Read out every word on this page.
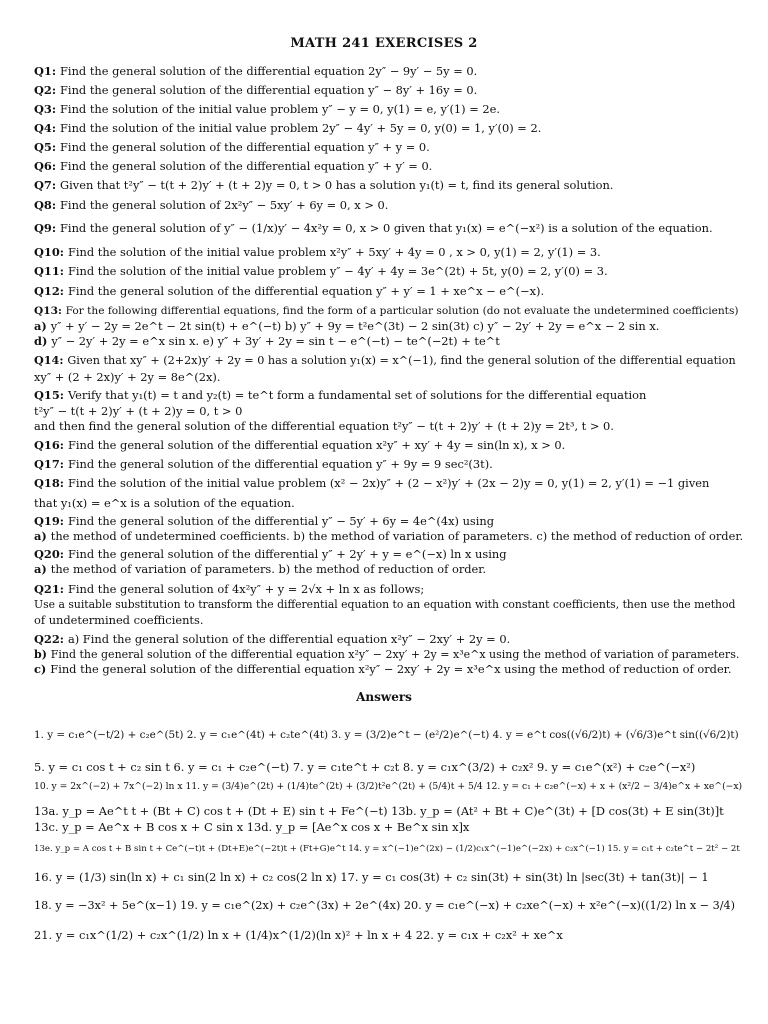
MATH 241 EXERCISES 2
Q1: Find the general solution of the differential equation 2y″ − 9y′ − 5y = 0.
Q2: Find the general solution of the differential equation y″ − 8y′ + 16y = 0.
Q3: Find the solution of the initial value problem y″ − y = 0, y(1) = e, y′(1) = 2e.
Q4: Find the solution of the initial value problem 2y″ − 4y′ + 5y = 0, y(0) = 1, y′(0) = 2.
Q5: Find the general solution of the differential equation y″ + y = 0.
Q6: Find the general solution of the differential equation y″ + y′ = 0.
Q7: Given that t²y″ − t(t + 2)y′ + (t + 2)y = 0, t > 0 has a solution y₁(t) = t, find its general solution.
Q8: Find the general solution of 2x²y″ − 5xy′ + 6y = 0, x > 0.
Q9: Find the general solution of y″ − (1/x)y′ − 4x²y = 0, x > 0 given that y₁(x) = e^(−x²) is a solution of the equation.
Q10: Find the solution of the initial value problem x²y″ + 5xy′ + 4y = 0 , x > 0, y(1) = 2, y′(1) = 3.
Q11: Find the solution of the initial value problem y″ − 4y′ + 4y = 3e^(2t) + 5t, y(0) = 2, y′(0) = 3.
Q12: Find the general solution of the differential equation y″ + y′ = 1 + xe^x − e^(−x).
Q13: For the following differential equations, find the form of a particular solution (do not evaluate the undetermined coefficients)
a) y″ + y′ − 2y = 2e^t − 2t sin(t) + e^(−t) b) y″ + 9y = t²e^(3t) − 2 sin(3t) c) y″ − 2y′ + 2y = e^x − 2 sin x.
d) y″ − 2y′ + 2y = e^x sin x. e) y″ + 3y′ + 2y = sin t − e^(−t) − te^(−2t) + te^t
Q14: Given that xy″ + (2+2x)y′ + 2y = 0 has a solution y₁(x) = x^(−1), find the general solution of the differential equation
xy″ + (2 + 2x)y′ + 2y = 8e^(2x).
Q15: Verify that y₁(t) = t and y₂(t) = te^t form a fundamental set of solutions for the differential equation
t²y″ − t(t + 2)y′ + (t + 2)y = 0, t > 0
and then find the general solution of the differential equation t²y″ − t(t + 2)y′ + (t + 2)y = 2t³, t > 0.
Q16: Find the general solution of the differential equation x²y″ + xy′ + 4y = sin(ln x), x > 0.
Q17: Find the general solution of the differential equation y″ + 9y = 9 sec²(3t).
Q18: Find the solution of the initial value problem (x² − 2x)y″ + (2 − x²)y′ + (2x − 2)y = 0, y(1) = 2, y′(1) = −1 given
that y₁(x) = e^x is a solution of the equation.
Q19: Find the general solution of the differential y″ − 5y′ + 6y = 4e^(4x) using
a) the method of undetermined coefficients. b) the method of variation of parameters. c) the method of reduction of order.
Q20: Find the general solution of the differential y″ + 2y′ + y = e^(−x) ln x using
a) the method of variation of parameters. b) the method of reduction of order.
Q21: Find the general solution of 4x²y″ + y = 2√x + ln x as follows;
Use a suitable substitution to transform the differential equation to an equation with constant coefficients, then use the method
of undetermined coefficients.
Q22: a) Find the general solution of the differential equation x²y″ − 2xy′ + 2y = 0.
b) Find the general solution of the differential equation x²y″ − 2xy′ + 2y = x³e^x using the method of variation of parameters.
c) Find the general solution of the differential equation x²y″ − 2xy′ + 2y = x³e^x using the method of reduction of order.
Answers
1. y = c₁e^(−t/2) + c₂e^(5t) 2. y = c₁e^(4t) + c₂te^(4t) 3. y = (3/2)e^t − (e²/2)e^(−t) 4. y = e^t cos((√6/2)t) + (√6/3)e^t sin((√6/2)t)
5. y = c₁ cos t + c₂ sin t 6. y = c₁ + c₂e^(−t) 7. y = c₁te^t + c₂t 8. y = c₁x^(3/2) + c₂x² 9. y = c₁e^(x²) + c₂e^(−x²)
10. y = 2x^(−2) + 7x^(−2) ln x 11. y = (3/4)e^(2t) + (1/4)te^(2t) + (3/2)t²e^(2t) + (5/4)t + 5/4 12. y = c₁ + c₂e^(−x) + x + (x²/2 − 3/4)e^x + xe^(−x)
13a. y_p = Ae^t t + (Bt + C) cos t + (Dt + E) sin t + Fe^(−t) 13b. y_p = (At² + Bt + C)e^(3t) + [D cos(3t) + E sin(3t)]t
13c. y_p = Ae^x + B cos x + C sin x 13d. y_p = [Ae^x cos x + Be^x sin x]x
13e. y_p = A cos t + B sin t + Ce^(−t)t + (Dt+E)e^(−2t)t + (Ft+G)e^t 14. y = x^(−1)e^(2x) − (1/2)c₁x^(−1)e^(−2x) + c₂x^(−1) 15. y = c₁t + c₂te^t − 2t² − 2t
16. y = (1/3) sin(ln x) + c₁ sin(2 ln x) + c₂ cos(2 ln x) 17. y = c₁ cos(3t) + c₂ sin(3t) + sin(3t) ln |sec(3t) + tan(3t)| − 1
18. y = −3x² + 5e^(x−1) 19. y = c₁e^(2x) + c₂e^(3x) + 2e^(4x) 20. y = c₁e^(−x) + c₂xe^(−x) + x²e^(−x)((1/2) ln x − 3/4)
21. y = c₁x^(1/2) + c₂x^(1/2) ln x + (1/4)x^(1/2)(ln x)² + ln x + 4 22. y = c₁x + c₂x² + xe^x
